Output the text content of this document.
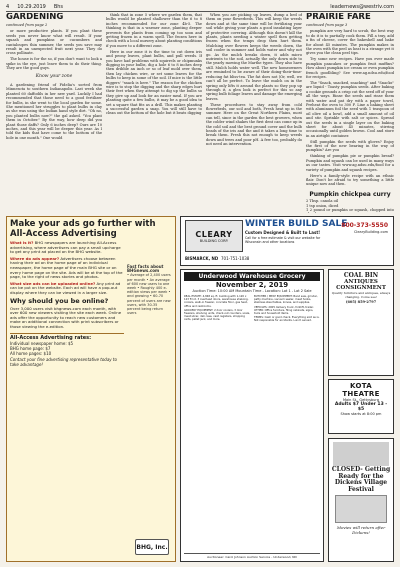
4 10.29.2019 Bhs	leadernews@westriv.com
GARDENING
continued from page 2

or more productive plants. If you plant these seeds you never know what will result. If your squash and pumpkins or cucumbers and cantaloupes thin summer, the seeds you save may result in an unexpected fruit next year. They do cross pollinate.

The house is for the so, if you don't want to look a spike in the eye, just leave them to do their thing. They are the good guys.

Know your zone

A gardening friend of Fidelia's sorted from Minnesota to southern Indianapolis. Last week she planted 60 daffodils in her new yard. Luckily I had recommended that those need to a good fertilizer for bulbs, in she went to the local garden for some. She mentioned her struggles to plant bulbs in clay as she was using the Indian hand style dirt. "Oh no, you planted bulbs now?" the gal asked. "You plant them in October." By the way, how deep did you plant those daffs? Only 6 inches deep? Ours are 10 inches, and this year will be deeper this year. As I told the kids that have come to the bottom of the hole in one month." One would

think that in zone 5 where we garden them, that bulbs would be planted shallower than the 6 to 8 inches recommended for our zone 4b-5. The thinking is that in a warmer zone, planting deeper prevents the plants from coming up too soon and getting frozen in a warm spell. The frozen here in check with a local nursery about planting conditions if you move to a different zone.

Here in our zone it is the time to cut down iris and peony leaves, plant bulbs, and pull weeds. If you have had problems with squirrels or chipmunks digging in your bulbs, dig a hole 6 to 8 inches deep then dribble an inch or so of leaf mold over them, then lay chicken wire, or set some leaves for the bulbs to keep in some of the soil. If mice is the little diggers' "snack is here." The reason for the chicken wire is to stop the digging and the sharp edges hurt their feet when they attempt to dig up the bulbs so they give up and look for an easier meal. If you are planting quite a few bulbs, it may be a good idea to set a square that fits as a drill. This makes planting a successful garden a snap. You will still have to clean out the bottom of the hole but it beats digging

When you are picking up leaves, dump a bed of them on your flowerbeds. This will keep the weeds down and at the same time will be fertilizing your soil while giving your plants a good insulating layer of protective covering. Although this doesn't kill the plants, plants needing a winter spell then getting frozen when the temps drop then hurt them. Mulching over flowers keeps the weeds down, the soil cooler in summer and holds water and why not go. As the mulch breaks down, it adds micro nutrients to the soil, actually the only down side to the yearly mowing the Marthe types. They also have still. Mulch holds water well. The new homeowners are reminded to be aware of their doing-their-time-reducing fat bliss-tea. The fat does not (Or, well, we can't all be perfect. To leave the mulch on in the spring only lifts it around the plants so they pop up through it, a glen look is perfect for this so any spring bulb foliage leaves and damage the emerging leaves.

These procedures to stay away from cold flowerbeds, our soil and both, Fresh heat up in the summer. Here on the Great Northern Plains, most can tell, since in the garden the best growers, when the colder wind shakes the first dent can come up in the cold soil and the best ground cover and the bulb heads of the iris and the and it takes a long time to break them. Fresh this not enough to keep weeds down and trees and poor pH. A few too, probably do not need an intervention.

PRAIRIE FARE
continued from page 3

pumpkin are very hard to scrub, the best way to do it is to partially cook them. Fill a tray, add a fin of cheese, cover the bakeshell and bake for about 45 minutes. The pumpkin makes in the oven with the peel as heat is a strange yet it gives you the clean peel tips.

Try some new recipes. Have you ever made pumpkin pancakes or pumpkin fruit muffins? How about pumpkin ice cream or even pumpkin french goodbling? See www.ag.ndsu.edu/food for recipes.

The "Snack, snacked, snacking" and "Snacks" are liquid - Toasty pumpkin seeds. After baking a cookie grounds a crisp cut the seed off of your all the ways. Rinse the seeds and rinse them with water and pat dry with a paper towel, Preheat the oven to 300 F. Line a baking sheet with aluminum foil the seed with 1 teaspoon of oil olive oil a bowl, add a small amount of oil and stir. Sprinkle with salt or spices. Spread out the seeds in a single layer on the baking sheet for about 45 minutes, stirring occasionally until golden brown. Cool and store in an airtight container.

Still pumpkin the seeds with gloves? Enjoy the first of the new bearing in the way of pumpkin? Are you

thinking of pumpkin pie or pumpkin bread? Pumpkin and squash can be used in many ways as our tastes. Visit www.ag.ndsu.edu/food for a variety of pumpkin and squash recipes.

Here's a family-style recipe with an ethnic flair. Don't be afraid to try something a little unique now and then.

Pumpkin chickpea curry
2 Tbsp. canola oil
1 tsp onion, diced
1 2 pound or pumpkin or squash, chopped into

Make your ads go further with All-Access Advertising

What is it? BHG newspapers are launching All-Access advertising, where advertisers can pay a small upcharge to get any print ad placed on the BHG website.

Where do ads appear? Advertisers choose between having their ad on the home page of an individual newspaper, the home page of the main BHG site or on every home page on the site. Ads will be at the top of the page, to the right of news stories and photos.

What size ads can be uploaded online? Any print ad can be put on the website. Each ad will have a pop-out display where they can be viewed in a larger size.

Why should you be online?

Over 3,000 users visit bhgnews.com each month, with over 600 new viewers visiting the site each week. Online ads offer the opportunity to reach new customers and make an additional connection with print subscribers or those viewing the e-edition.

All-Access Advertising rates:
Individual newspaper home: $5
BHG home page: $7
All home pages: $10
Contact your fine advertising representative today to take advantage!
Fast facts about BHGnews.com
• Average of 2,400 users per month • An average of 600 new users to one week • Roughly 400 e-edition views per week • and growing • 60-70 percent of users are new users, with 30-35 percent being return users
BHG, Inc.
CLEARY
BUILDING CORP.
WINTER BUILD SALE
Custom Designed & Built to Last!
Call for a free estimate & visit our website for Wisconsin and other locations
800-373-5550
ClearyBuilding.com
BISMARCK, ND 701-751-1038
Underwood Warehouse Grocery
November 2, 2019
Auction Time: 10:00 AM Mountain Time - Location: Lot 1 - Lot 2 Sale

REAL ESTATE: 4,848 sq. ft. building with 1,120 x 123 ft lot. 3 overhead doors, warehouse shelving, coolers, walk-in freezer, concrete floor, gas heat, office and restrooms.

GROCERY EQUIPMENT: 2 door coolers, 3 door freezers, shelving units, check-out counters, scale, meat slicer, deli case, cash registers, shopping carts, pallet jack, and more.

BUTCHER / MEAT EQUIPMENT: Band saw, grinder, patty machine, vacuum sealer, meat hooks, stainless steel tables, knives, and supplies.

VEHICLES: 2005 delivery truck, forklift, trailer. OTHER: Office furniture, filing cabinets, signs, tools and household items.

TERMS: Cash or good check. Everything sold as is. Not responsible for accidents. Lunch served.

Auctioneer: Carol Johnson Auction Service - Underwood, ND
COAL BIN
ANTIQUES CONSIGNMENT
Quality furniture and antiques, always changing. Come see!
(605) 859-2797
KOTA THEATRE
Main St., Gettysburg
Adults $7 Under 13 - $5
Show starts at 8:00 pm
CLOSED- Getting Ready for the Dickens Village Festival
Movies will return after Dickens!
